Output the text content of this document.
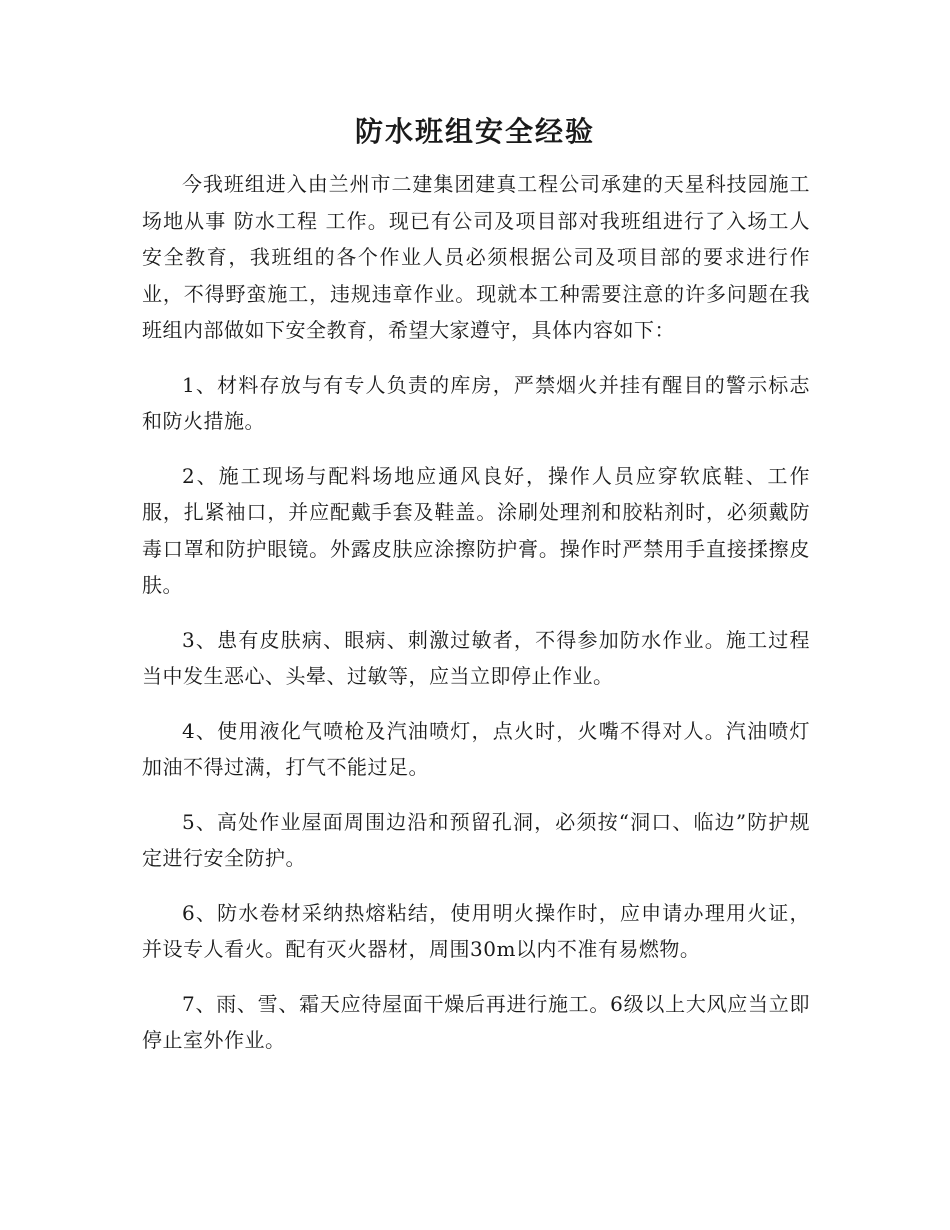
防水班组安全经验

今我班组进入由兰州市二建集团建真工程公司承建的天星科技园施工场地从事 防水工程 工作。现已有公司及项目部对我班组进行了入场工人安全教育，我班组的各个作业人员必须根据公司及项目部的要求进行作业，不得野蛮施工，违规违章作业。现就本工种需要注意的许多问题在我班组内部做如下安全教育，希望大家遵守，具体内容如下：

1、材料存放与有专人负责的库房，严禁烟火并挂有醒目的警示标志和防火措施。

2、施工现场与配料场地应通风良好，操作人员应穿软底鞋、工作服，扎紧袖口，并应配戴手套及鞋盖。涂刷处理剂和胶粘剂时，必须戴防毒口罩和防护眼镜。外露皮肤应涂擦防护膏。操作时严禁用手直接揉擦皮肤。

3、患有皮肤病、眼病、刺激过敏者，不得参加防水作业。施工过程当中发生恶心、头晕、过敏等，应当立即停止作业。

4、使用液化气喷枪及汽油喷灯，点火时，火嘴不得对人。汽油喷灯加油不得过满，打气不能过足。

5、高处作业屋面周围边沿和预留孔洞，必须按“洞口、临边”防护规定进行安全防护。

6、防水卷材采纳热熔粘结，使用明火操作时，应申请办理用火证，并设专人看火。配有灭火器材，周围30m以内不准有易燃物。

7、雨、雪、霜天应待屋面干燥后再进行施工。6级以上大风应当立即停止室外作业。
